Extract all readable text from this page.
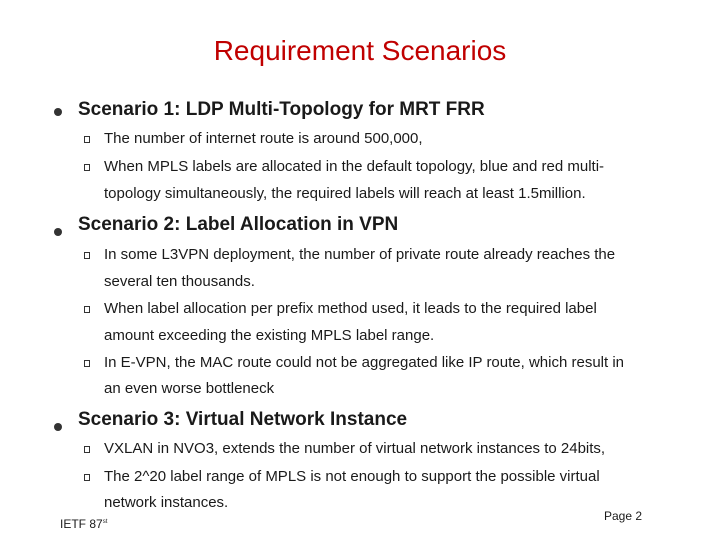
Requirement Scenarios
Scenario 1: LDP Multi-Topology for MRT FRR
The number of internet route is around 500,000,
When MPLS labels are allocated in the default topology, blue and red multi-
topology simultaneously, the required labels will reach at least 1.5million.
Scenario 2: Label Allocation in VPN
In some L3VPN deployment, the number of private route already reaches the
several ten thousands.
When label allocation per prefix method used, it leads to the required label
amount exceeding the existing MPLS label range.
In E-VPN, the MAC route could not be aggregated like IP route, which result in
an even worse bottleneck
Scenario 3: Virtual Network Instance
VXLAN in NVO3, extends the number of virtual network instances to 24bits,
The 2^20 label range of MPLS is not enough to support the possible virtual
network instances.
IETF 87st	Page 2
